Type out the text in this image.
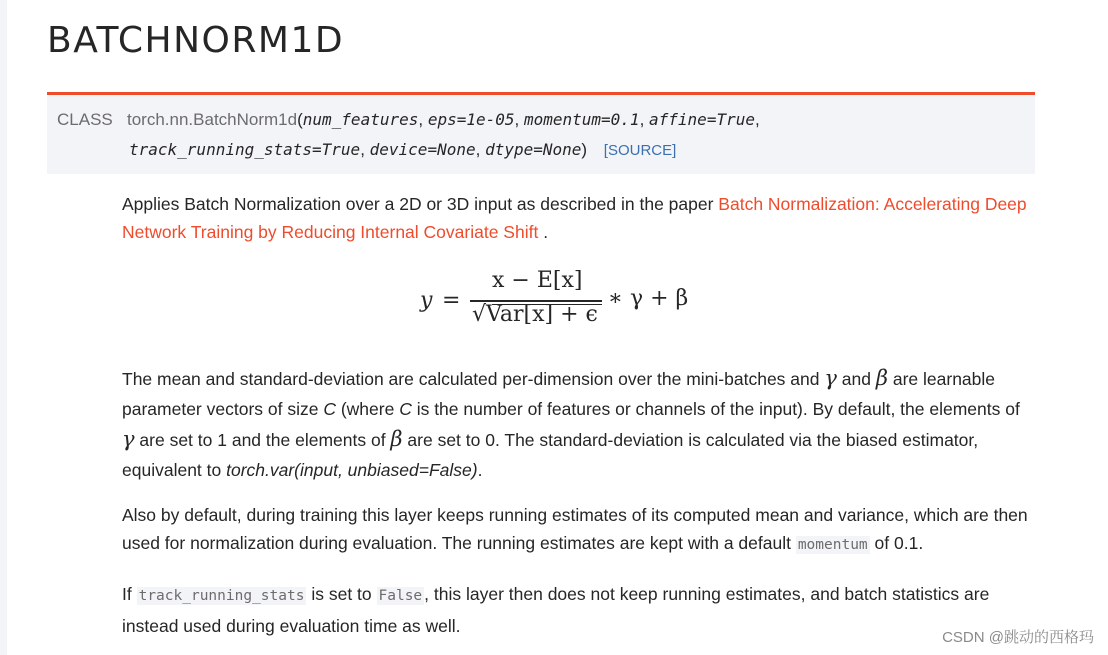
BATCHNORM1D
CLASS torch.nn.BatchNorm1d(num_features, eps=1e-05, momentum=0.1, affine=True,
track_running_stats=True, device=None, dtype=None) [SOURCE]

Applies Batch Normalization over a 2D or 3D input as described in the paper Batch Normalization: Accelerating Deep Network Training by Reducing Internal Covariate Shift .

The mean and standard-deviation are calculated per-dimension over the mini-batches and γ and β are learnable parameter vectors of size C (where C is the number of features or channels of the input). By default, the elements of γ are set to 1 and the elements of β are set to 0. The standard-deviation is calculated via the biased estimator, equivalent to torch.var(input, unbiased=False).

Also by default, during training this layer keeps running estimates of its computed mean and variance, which are then used for normalization during evaluation. The running estimates are kept with a default momentum of 0.1.

If track_running_stats is set to False , this layer then does not keep running estimates, and batch statistics are instead used during evaluation time as well.

y =
x − E[x]
√Var[x] + ϵ
∗ γ + β
CSDN @跳动的西格玛
